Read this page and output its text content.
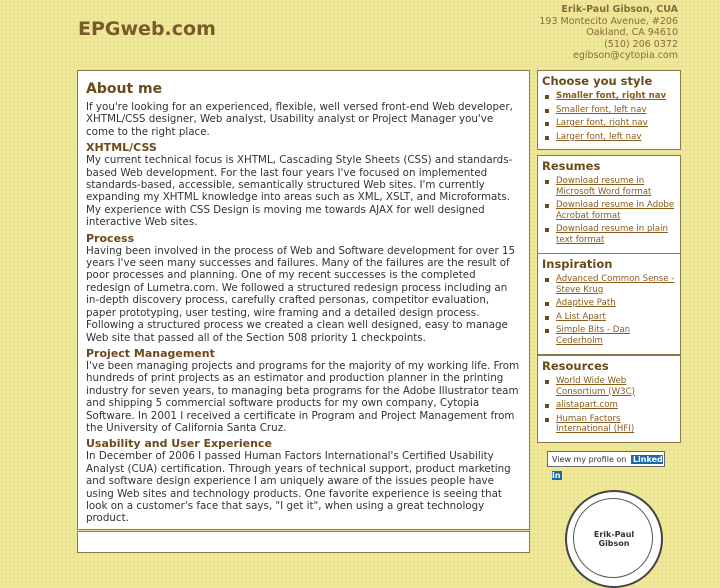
EPGweb.com
Erik-Paul Gibson, CUA
193 Montecito Avenue, #206
Oakland, CA 94610
(510) 206 0372
egibson@cytopia.com
About me

If you're looking for an experienced, flexible, well versed front-end Web developer, XHTML/CSS designer, Web analyst, Usability analyst or Project Manager you've come to the right place.

XHTML/CSS

My current technical focus is XHTML, Cascading Style Sheets (CSS) and standards-based Web development. For the last four years I've focused on implemented standards-based, accessible, semantically structured Web sites. I'm currently expanding my XHTML knowledge into areas such as XML, XSLT, and Microformats. My experience with CSS Design is moving me towards AJAX for well designed interactive Web sites.

Process

Having been involved in the process of Web and Software development for over 15 years I've seen many successes and failures. Many of the failures are the result of poor processes and planning. One of my recent successes is the completed redesign of Lumetra.com. We followed a structured redesign process including an in-depth discovery process, carefully crafted personas, competitor evaluation, paper prototyping, user testing, wire framing and a detailed design process. Following a structured process we created a clean well designed, easy to manage Web site that passed all of the Section 508 priority 1 checkpoints.

Project Management

I've been managing projects and programs for the majority of my working life. From hundreds of print projects as an estimator and production planner in the printing industry for seven years, to managing beta programs for the Adobe Illustrator team and shipping 5 commercial software products for my own company, Cytopia Software. In 2001 I received a certificate in Program and Project Management from the University of California Santa Cruz.

Usability and User Experience

In December of 2006 I passed Human Factors International's Certified Usability Analyst (CUA) certification. Through years of technical support, product marketing and software design experience I am uniquely aware of the issues people have using Web sites and technology products. One favorite experience is seeing that look on a customer's face that says, "I get it", when using a great technology product.

Choose you style
Smaller font, right nav
Smaller font, left nav
Larger font, right nav
Larger font, left nav
Resumes
Download resume in Microsoft Word format
Download resume in Adobe Acrobat format
Download resume in plain text format
Inspiration
Advanced Common Sense - Steve Krug
Adaptive Path
A List Apart
Simple Bits - Dan Cederholm
Resources
World Wide Web Consortium (W3C)
alistapart.com
Human Factors International (HFI)
View my profile on Linked in
Erik-Paul
Gibson
